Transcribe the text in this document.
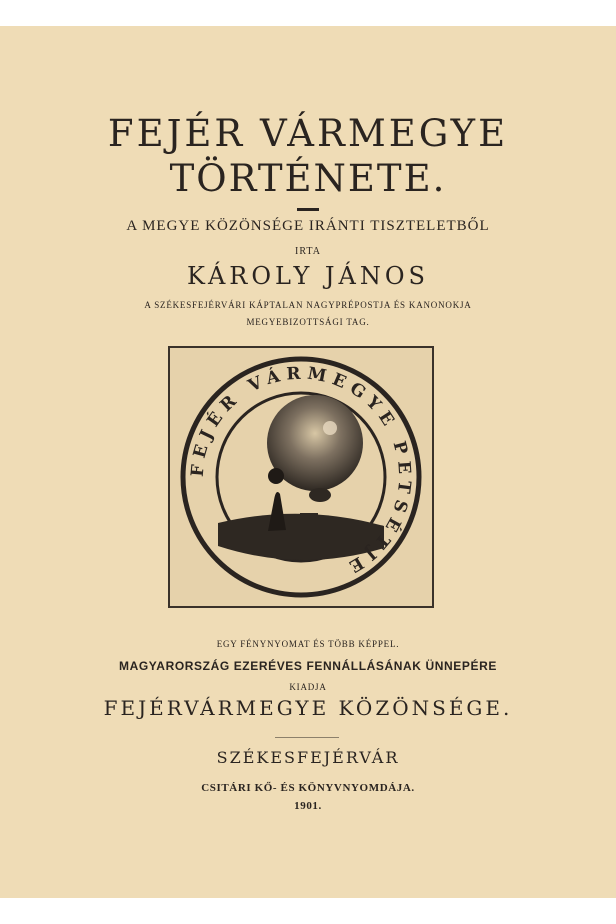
FEJÉR VÁRMEGYE
TÖRTÉNETE.
A MEGYE KÖZÖNSÉGE IRÁNTI TISZTELETBŐL
IRTA
KÁROLY JÁNOS
A SZÉKESFEJÉRVÁRI KÁPTALAN NAGYPRÉPOSTJA ÉS KANONOKJA
MEGYEBIZOTTSÁGI TAG.
FEJÉR VÁRMEGYE PETSÉTJE
EGY FÉNYNYOMAT ÉS TÖBB KÉPPEL.
MAGYARORSZÁG EZERÉVES FENNÁLLÁSÁNAK ÜNNEPÉRE
KIADJA
FEJÉRVÁRMEGYE KÖZÖNSÉGE.
SZÉKESFEJÉRVÁR
CSITÁRI KŐ- ÉS KÖNYVNYOMDÁJA.
1901.
